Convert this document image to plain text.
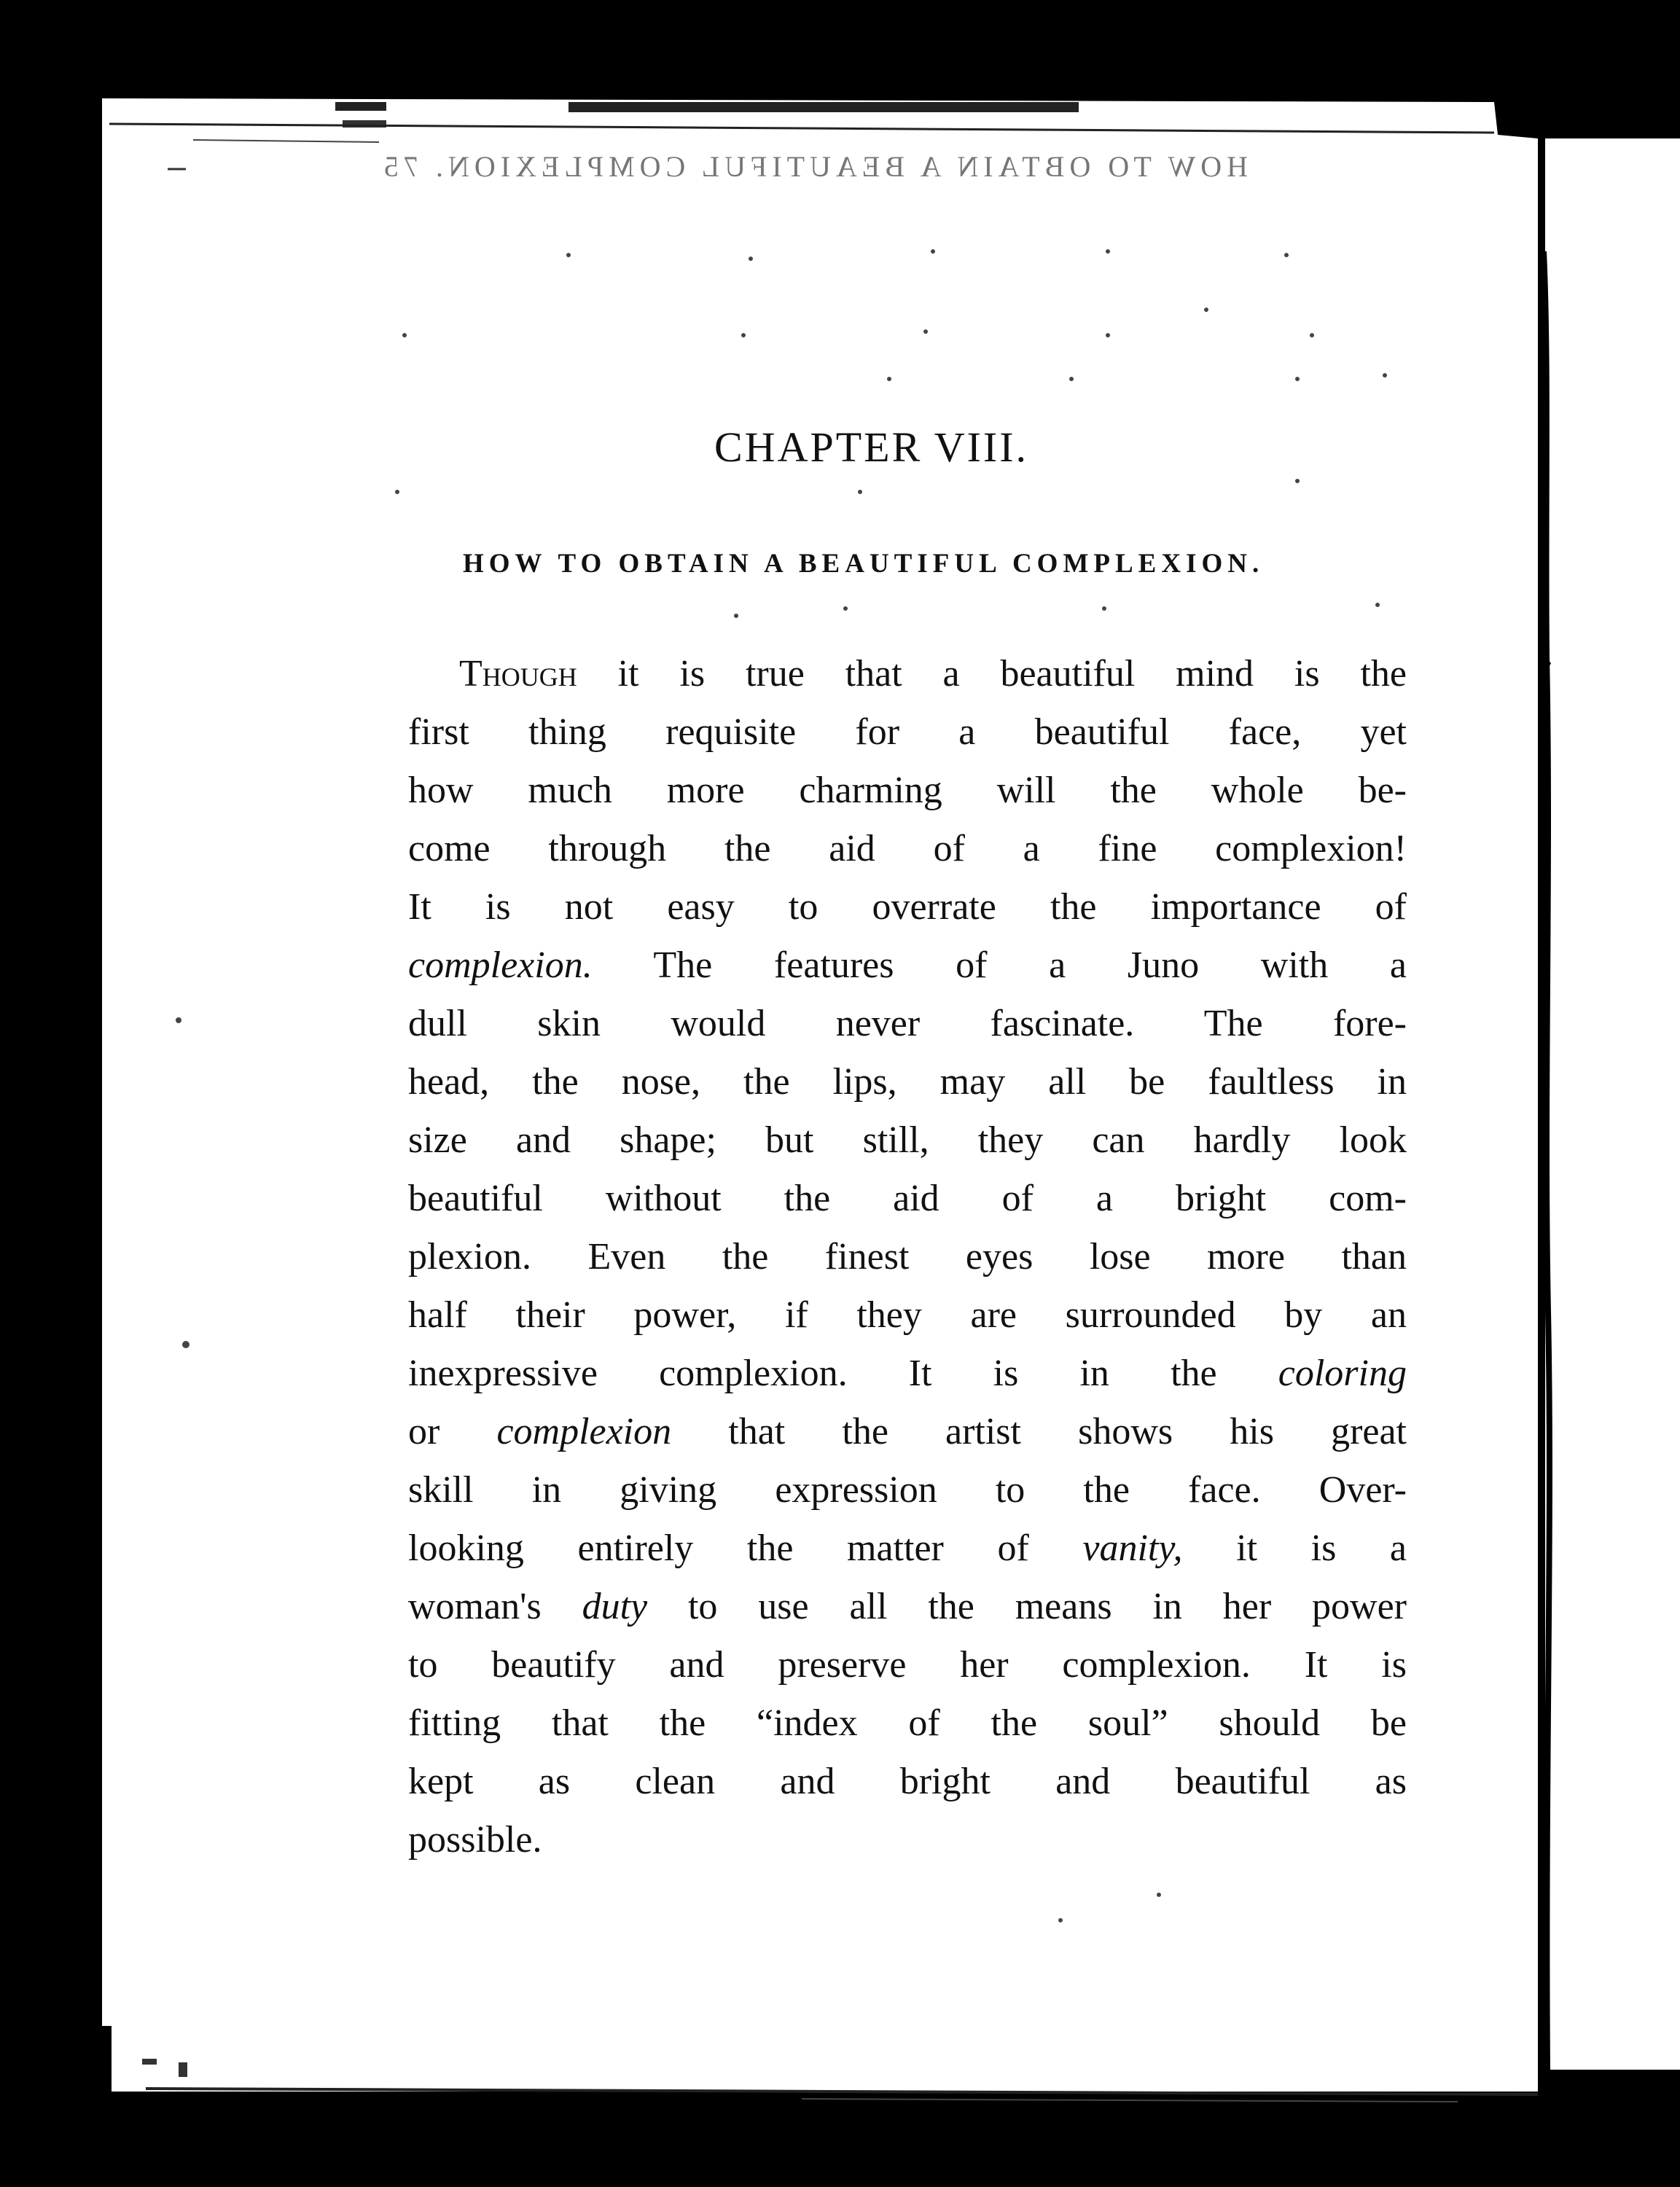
HOW TO OBTAIN A BEAUTIFUL COMPLEXION. 75
CHAPTER VIII.
HOW TO OBTAIN A BEAUTIFUL COMPLEXION.
Though it is true that a beautiful mind is the
first thing requisite for a beautiful face, yet
how much more charming will the whole be-
come through the aid of a fine complexion!
It is not easy to overrate the importance of
complexion. The features of a Juno with a
dull skin would never fascinate. The fore-
head, the nose, the lips, may all be faultless in
size and shape; but still, they can hardly look
beautiful without the aid of a bright com-
plexion. Even the finest eyes lose more than
half their power, if they are surrounded by an
inexpressive complexion. It is in the coloring
or complexion that the artist shows his great
skill in giving expression to the face. Over-
looking entirely the matter of vanity, it is a
woman's duty to use all the means in her power
to beautify and preserve her complexion. It is
fitting that the “index of the soul” should be
kept as clean and bright and beautiful as
possible.
